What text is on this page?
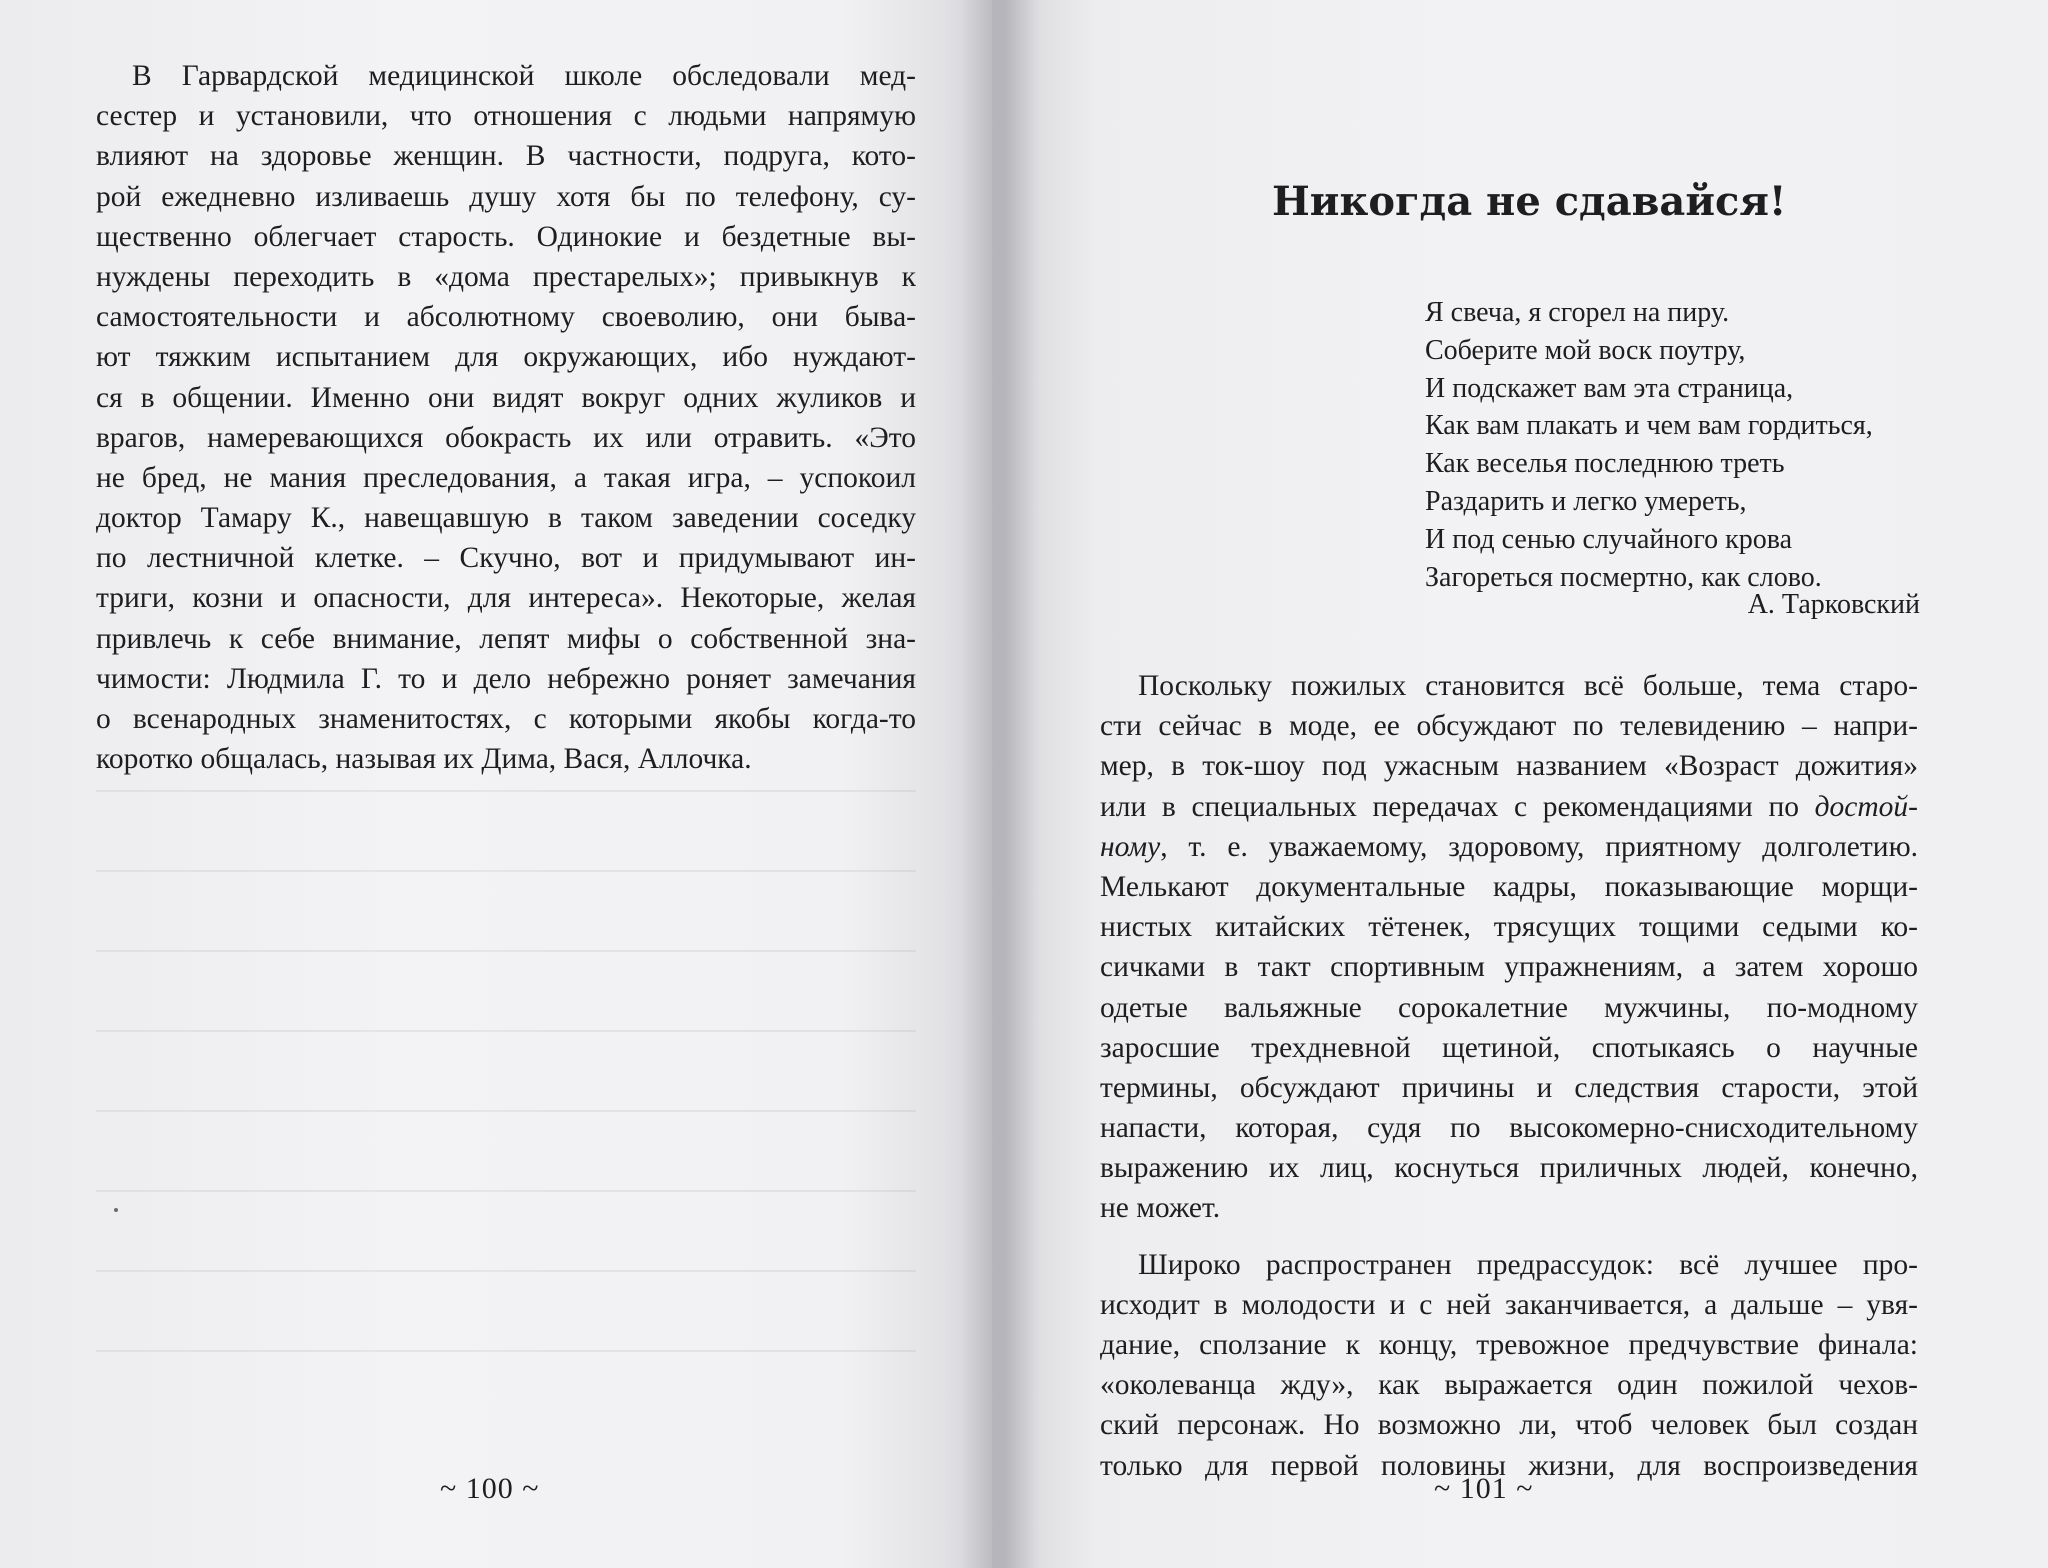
В Гарвардской медицинской школе обследовали мед-
сестер и установили, что отношения с людьми напрямую
влияют на здоровье женщин. В частности, подруга, кото-
рой ежедневно изливаешь душу хотя бы по телефону, су-
щественно облегчает старость. Одинокие и бездетные вы-
нуждены переходить в «дома престарелых»; привыкнув к
самостоятельности и абсолютному своеволию, они быва-
ют тяжким испытанием для окружающих, ибо нуждают-
ся в общении. Именно они видят вокруг одних жуликов и
врагов, намеревающихся обокрасть их или отравить. «Это
не бред, не мания преследования, а такая игра, – успокоил
доктор Тамару К., навещавшую в таком заведении соседку
по лестничной клетке. – Скучно, вот и придумывают ин-
триги, козни и опасности, для интереса». Некоторые, желая
привлечь к себе внимание, лепят мифы о собственной зна-
чимости: Людмила Г. то и дело небрежно роняет замечания
о всенародных знаменитостях, с которыми якобы когда-то
коротко общалась, называя их Дима, Вася, Аллочка.
~ 100 ~
Никогда не сдавайся!
Я свеча, я сгорел на пиру.
Соберите мой воск поутру,
И подскажет вам эта страница,
Как вам плакать и чем вам гордиться,
Как веселья последнюю треть
Раздарить и легко умереть,
И под сенью случайного крова
Загореться посмертно, как слово.
А. Тарковский
Поскольку пожилых становится всё больше, тема старо-
сти сейчас в моде, ее обсуждают по телевидению – напри-
мер, в ток-шоу под ужасным названием «Возраст дожития»
или в специальных передачах с рекомендациями по достой-
ному, т. е. уважаемому, здоровому, приятному долголетию.
Мелькают документальные кадры, показывающие морщи-
нистых китайских тётенек, трясущих тощими седыми ко-
сичками в такт спортивным упражнениям, а затем хорошо
одетые вальяжные сорокалетние мужчины, по-модному
заросшие трехдневной щетиной, спотыкаясь о научные
термины, обсуждают причины и следствия старости, этой
напасти, которая, судя по высокомерно-снисходительному
выражению их лиц, коснуться приличных людей, конечно,
не может.
Широко распространен предрассудок: всё лучшее про-
исходит в молодости и с ней заканчивается, а дальше – увя-
дание, сползание к концу, тревожное предчувствие финала:
«околеванца жду», как выражается один пожилой чехов-
ский персонаж. Но возможно ли, чтоб человек был создан
только для первой половины жизни, для воспроизведения
~ 101 ~
